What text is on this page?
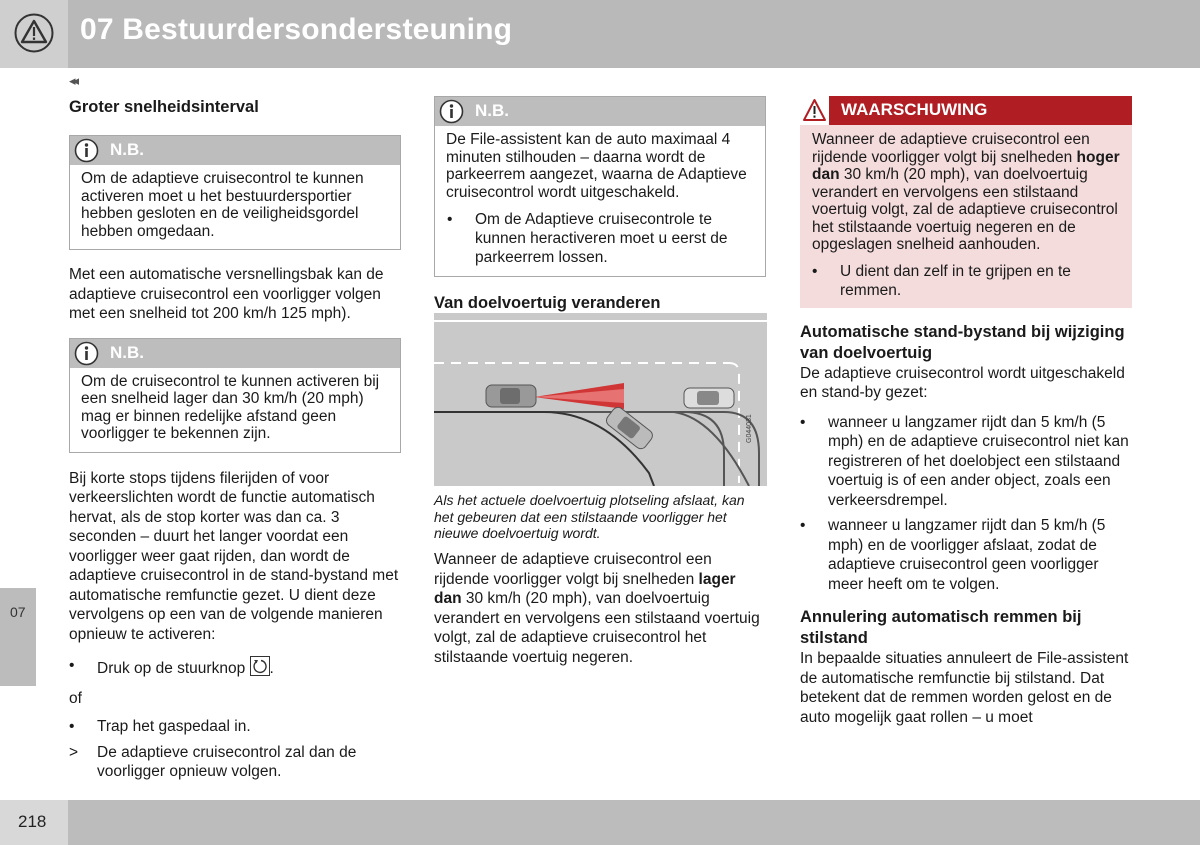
07 Bestuurdersondersteuning
◂◂
07
218
Groter snelheidsinterval
N.B.
Om de adaptieve cruisecontrol te kunnen activeren moet u het bestuurdersportier hebben gesloten en de veiligheidsgordel hebben omgedaan.

Met een automatische versnellingsbak kan de adaptieve cruisecontrol een voorligger volgen met een snelheid tot 200 km/h 125 mph).

N.B.
Om de cruisecontrol te kunnen activeren bij een snelheid lager dan 30 km/h (20 mph) mag er binnen redelijke afstand geen voorligger te bekennen zijn.

Bij korte stops tijdens filerijden of voor verkeerslichten wordt de functie automatisch hervat, als de stop korter was dan ca. 3 seconden – duurt het langer voordat een voorligger weer gaat rijden, dan wordt de adaptieve cruisecontrol in de stand-bystand met automatische remfunctie gezet. U dient deze vervolgens op een van de volgende manieren opnieuw te activeren:

• Druk op de stuurknop .

of

• Trap het gaspedaal in.
> De adaptieve cruisecontrol zal dan de voorligger opnieuw volgen.
N.B.
De File-assistent kan de auto maximaal 4 minuten stilhouden – daarna wordt de parkeerrem aangezet, waarna de Adaptieve cruisecontrol wordt uitgeschakeld.
• Om de Adaptieve cruisecontrole te kunnen heractiveren moet u eerst de parkeerrem lossen.
Van doelvoertuig veranderen
G044031
Als het actuele doelvoertuig plotseling afslaat, kan het gebeuren dat een stilstaande voorligger het nieuwe doelvoertuig wordt.

Wanneer de adaptieve cruisecontrol een rijdende voorligger volgt bij snelheden lager dan 30 km/h (20 mph), van doelvoertuig verandert en vervolgens een stilstaand voertuig volgt, zal de adaptieve cruisecontrol het stilstaande voertuig negeren.

WAARSCHUWING
Wanneer de adaptieve cruisecontrol een rijdende voorligger volgt bij snelheden hoger dan 30 km/h (20 mph), van doelvoertuig verandert en vervolgens een stilstaand voertuig volgt, zal de adaptieve cruisecontrol het stilstaande voertuig negeren en de opgeslagen snelheid aanhouden.
• U dient dan zelf in te grijpen en te remmen.
Automatische stand-bystand bij wijziging van doelvoertuig

De adaptieve cruisecontrol wordt uitgeschakeld en stand-by gezet:

• wanneer u langzamer rijdt dan 5 km/h (5 mph) en de adaptieve cruisecontrol niet kan registreren of het doelobject een stilstaand voertuig is of een ander object, zoals een verkeersdrempel.
• wanneer u langzamer rijdt dan 5 km/h (5 mph) en de voorligger afslaat, zodat de adaptieve cruisecontrol geen voorligger meer heeft om te volgen.
Annulering automatisch remmen bij stilstand

In bepaalde situaties annuleert de File-assistent de automatische remfunctie bij stilstand. Dat betekent dat de remmen worden gelost en de auto mogelijk gaat rollen – u moet
